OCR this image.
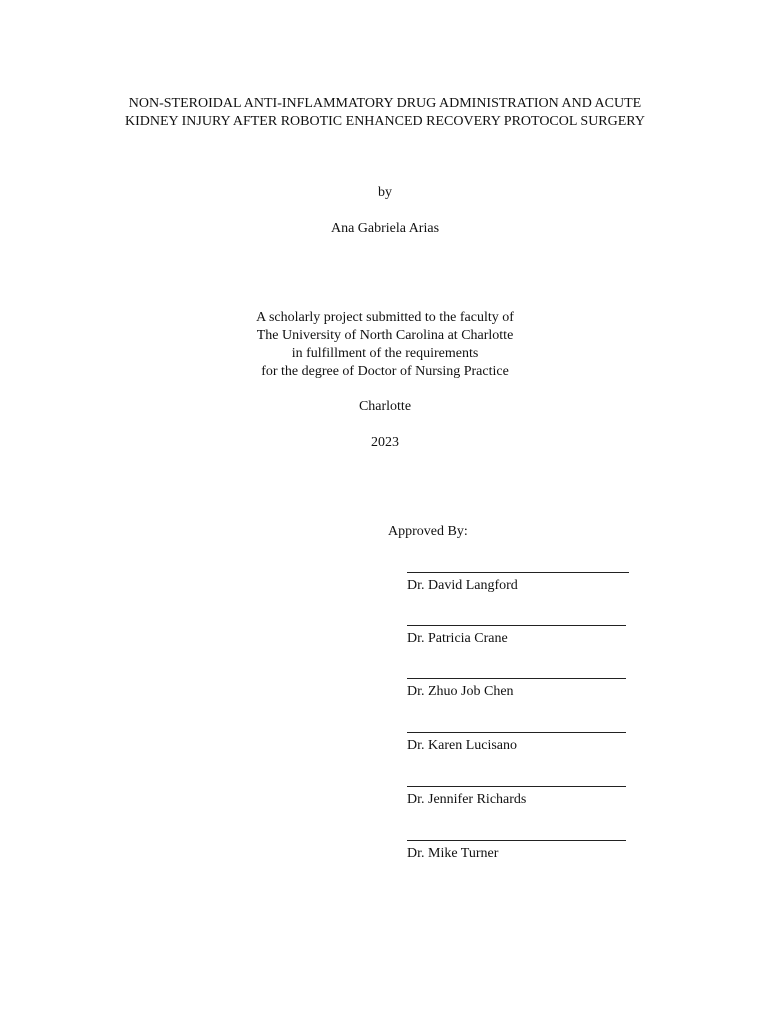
NON-STEROIDAL ANTI-INFLAMMATORY DRUG ADMINISTRATION AND ACUTE
KIDNEY INJURY AFTER ROBOTIC ENHANCED RECOVERY PROTOCOL SURGERY
by
Ana Gabriela Arias
A scholarly project submitted to the faculty of
The University of North Carolina at Charlotte
in fulfillment of the requirements
for the degree of Doctor of Nursing Practice
Charlotte
2023
Approved By:
Dr. David Langford
Dr. Patricia Crane
Dr. Zhuo Job Chen
Dr. Karen Lucisano
Dr. Jennifer Richards
Dr. Mike Turner
